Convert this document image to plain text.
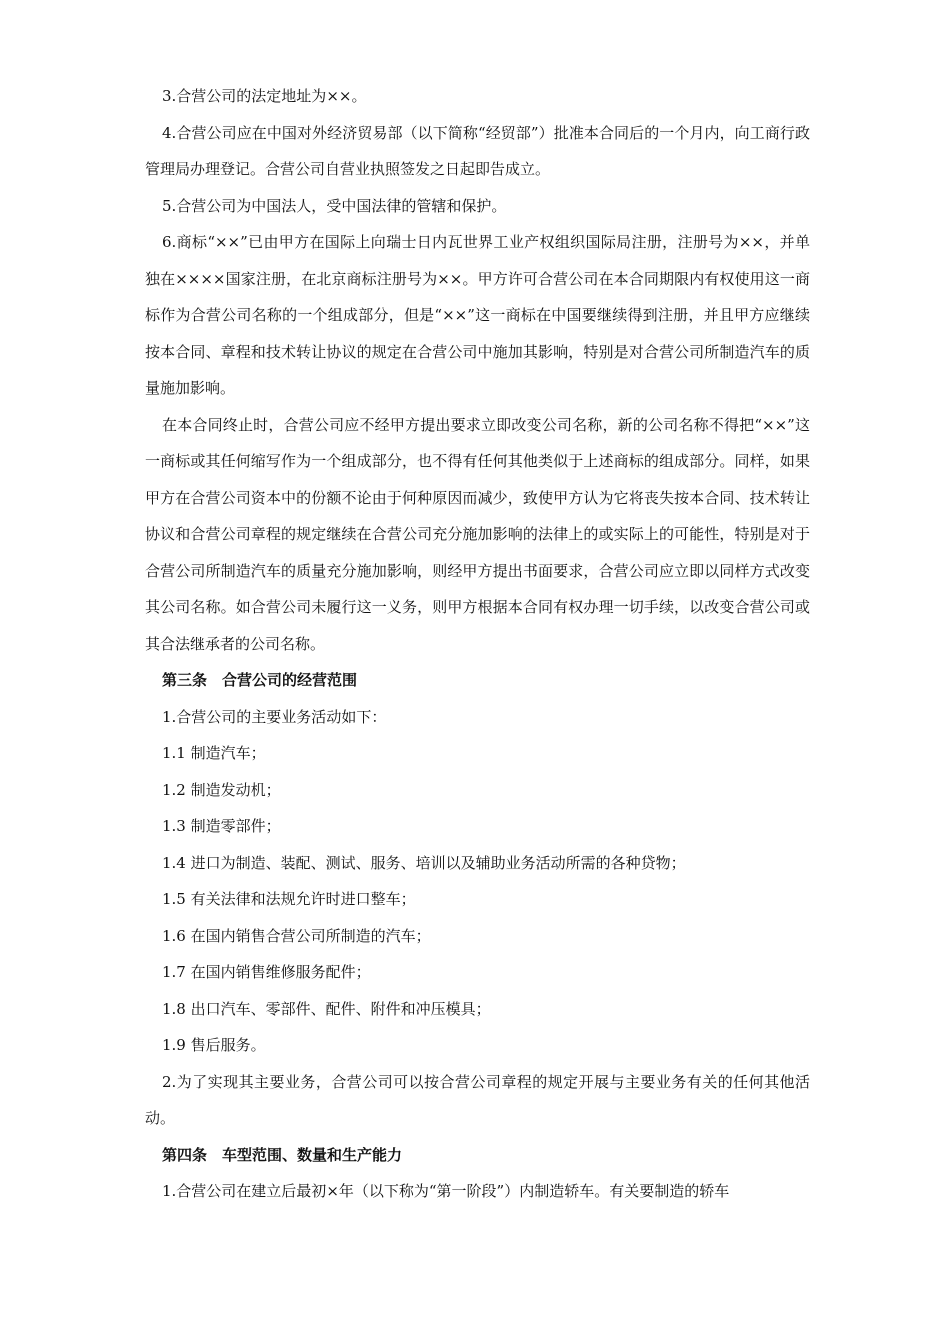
3.合营公司的法定地址为××。

4.合营公司应在中国对外经济贸易部（以下简称“经贸部”）批准本合同后的一个月内，向工商行政管理局办理登记。合营公司自营业执照签发之日起即告成立。

5.合营公司为中国法人，受中国法律的管辖和保护。

6.商标“××”已由甲方在国际上向瑞士日内瓦世界工业产权组织国际局注册，注册号为××，并单独在××××国家注册，在北京商标注册号为××。甲方许可合营公司在本合同期限内有权使用这一商标作为合营公司名称的一个组成部分，但是“××”这一商标在中国要继续得到注册，并且甲方应继续按本合同、章程和技术转让协议的规定在合营公司中施加其影响，特别是对合营公司所制造汽车的质量施加影响。

在本合同终止时，合营公司应不经甲方提出要求立即改变公司名称，新的公司名称不得把“××”这一商标或其任何缩写作为一个组成部分，也不得有任何其他类似于上述商标的组成部分。同样，如果甲方在合营公司资本中的份额不论由于何种原因而减少，致使甲方认为它将丧失按本合同、技术转让协议和合营公司章程的规定继续在合营公司充分施加影响的法律上的或实际上的可能性，特别是对于合营公司所制造汽车的质量充分施加影响，则经甲方提出书面要求，合营公司应立即以同样方式改变其公司名称。如合营公司未履行这一义务，则甲方根据本合同有权办理一切手续，以改变合营公司或其合法继承者的公司名称。

第三条　合营公司的经营范围

1.合营公司的主要业务活动如下：

1.1 制造汽车；

1.2 制造发动机；

1.3 制造零部件；

1.4 进口为制造、装配、测试、服务、培训以及辅助业务活动所需的各种贷物；

1.5 有关法律和法规允许时进口整车；

1.6 在国内销售合营公司所制造的汽车；

1.7 在国内销售维修服务配件；

1.8 出口汽车、零部件、配件、附件和冲压模具；

1.9 售后服务。

2.为了实现其主要业务，合营公司可以按合营公司章程的规定开展与主要业务有关的任何其他活动。

第四条　车型范围、数量和生产能力

1.合营公司在建立后最初×年（以下称为“第一阶段”）内制造轿车。有关要制造的轿车
